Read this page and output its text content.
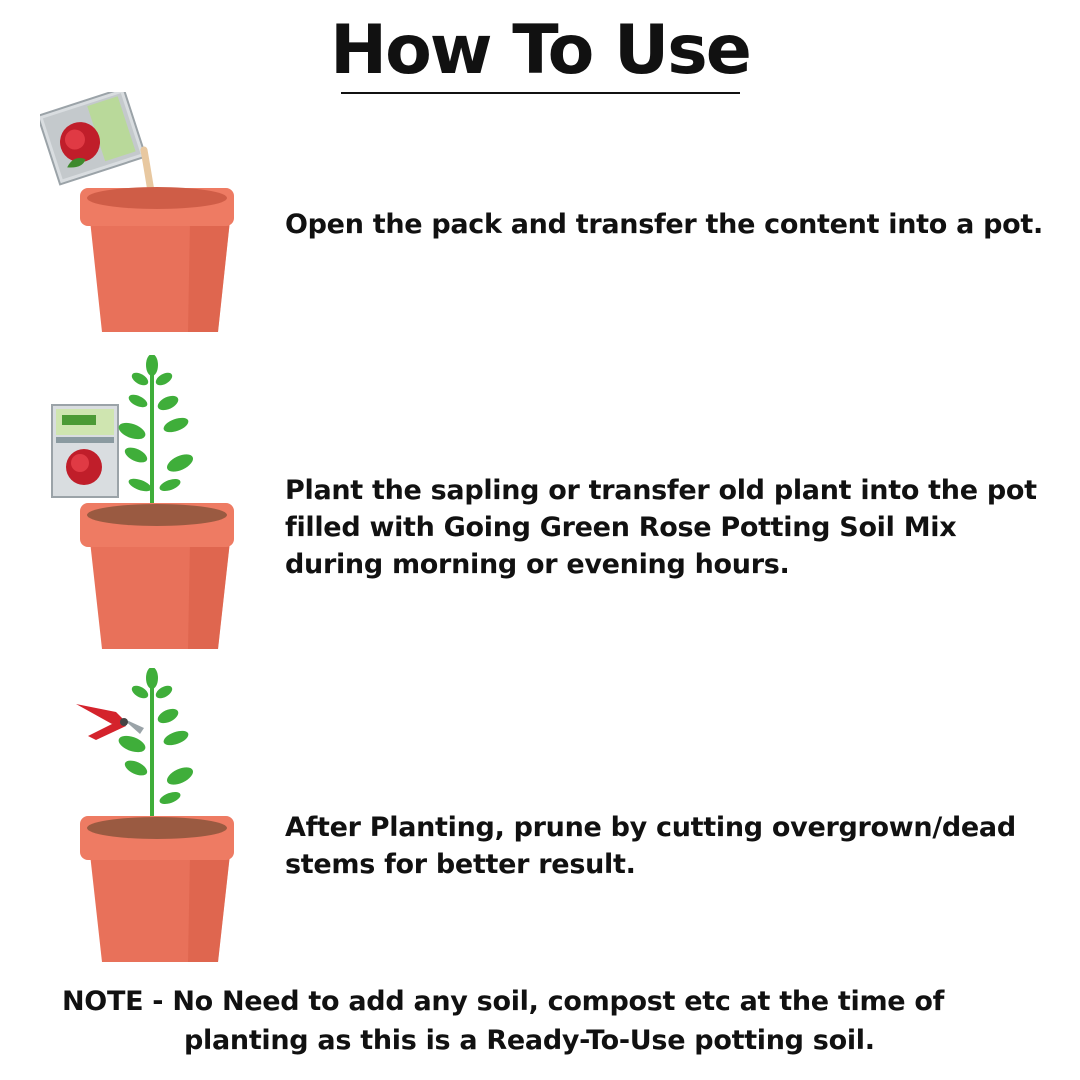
How To Use
Open the pack and transfer the content into a pot.
Plant the sapling or transfer old plant into the pot filled with Going Green Rose Potting Soil Mix during morning or evening hours.
After Planting, prune by cutting overgrown/dead stems for better result.
NOTE - No Need to add any soil, compost etc at the time of
planting as this is a Ready-To-Use potting soil.
